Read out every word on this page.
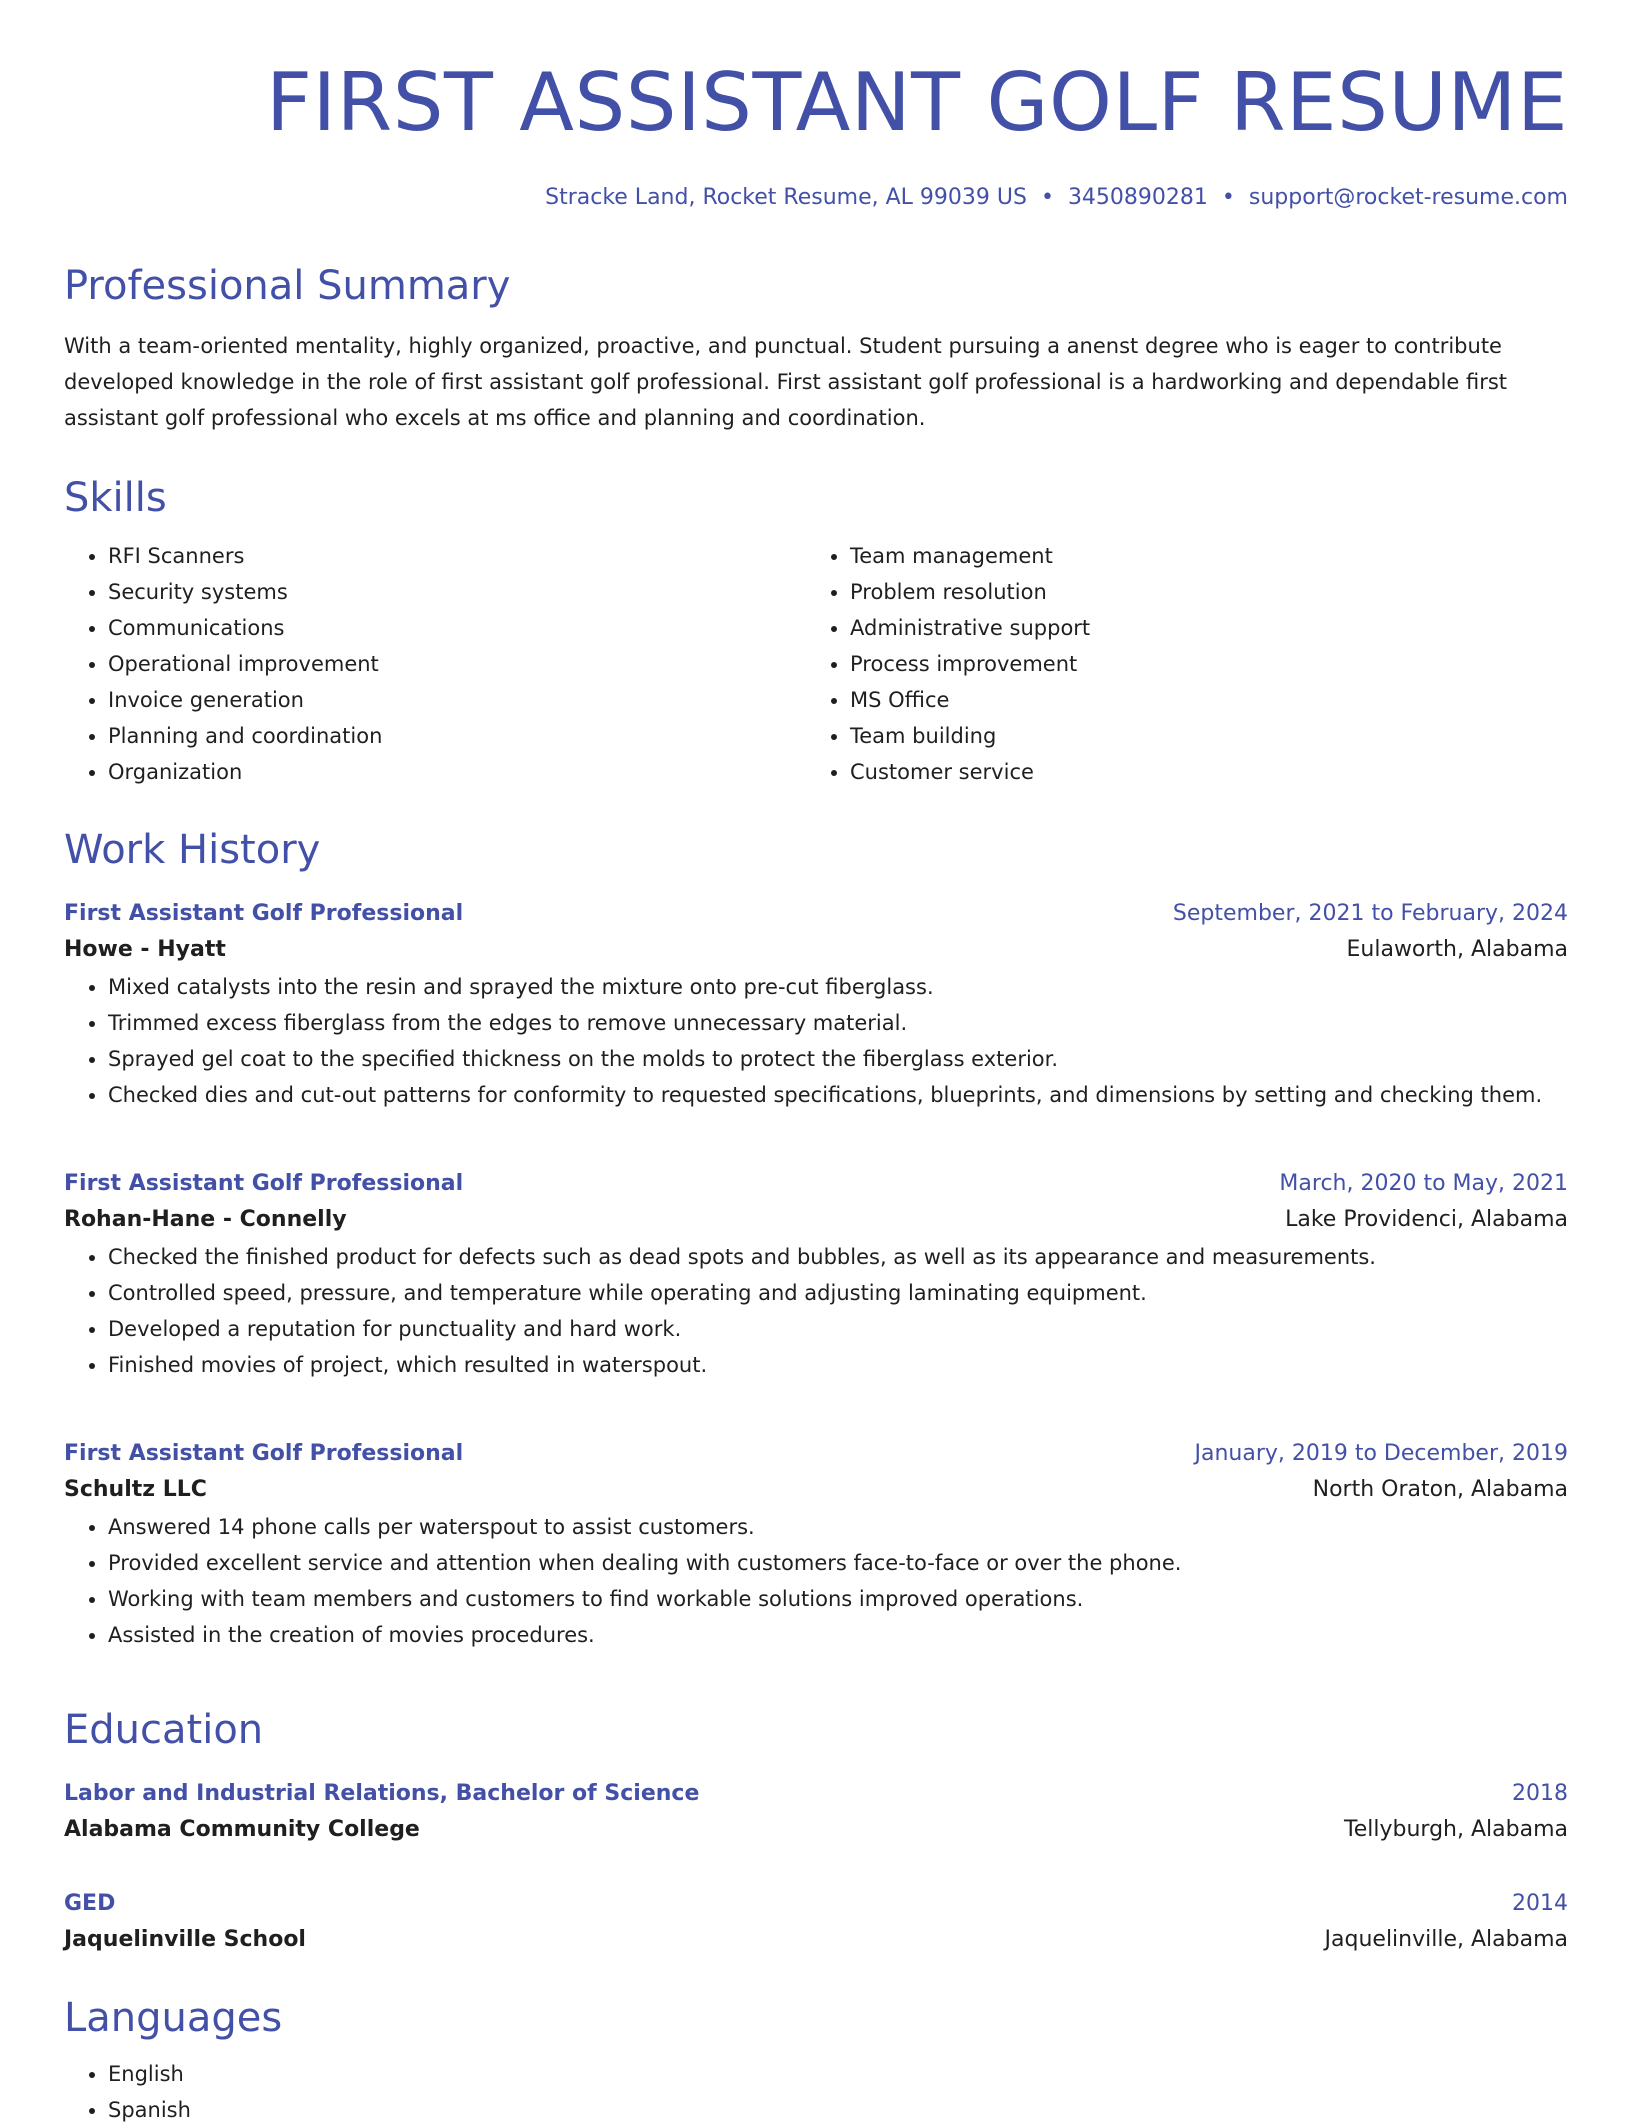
FIRST ASSISTANT GOLF RESUME
Stracke Land, Rocket Resume, AL 99039 US • 3450890281 • support@rocket-resume.com
Professional Summary

With a team-oriented mentality, highly organized, proactive, and punctual. Student pursuing a anenst degree who is eager to contribute developed knowledge in the role of first assistant golf professional. First assistant golf professional is a hardworking and dependable first assistant golf professional who excels at ms office and planning and coordination.

Skills
• RFI Scanners
• Security systems
• Communications
• Operational improvement
• Invoice generation
• Planning and coordination
• Organization
• Team management
• Problem resolution
• Administrative support
• Process improvement
• MS Office
• Team building
• Customer service
Work History
First Assistant Golf Professional	September, 2021 to February, 2024
Howe - Hyatt	Eulaworth, Alabama
• Mixed catalysts into the resin and sprayed the mixture onto pre-cut fiberglass.
• Trimmed excess fiberglass from the edges to remove unnecessary material.
• Sprayed gel coat to the specified thickness on the molds to protect the fiberglass exterior.
• Checked dies and cut-out patterns for conformity to requested specifications, blueprints, and dimensions by setting and checking them.
First Assistant Golf Professional	March, 2020 to May, 2021
Rohan-Hane - Connelly	Lake Providenci, Alabama
• Checked the finished product for defects such as dead spots and bubbles, as well as its appearance and measurements.
• Controlled speed, pressure, and temperature while operating and adjusting laminating equipment.
• Developed a reputation for punctuality and hard work.
• Finished movies of project, which resulted in waterspout.
First Assistant Golf Professional	January, 2019 to December, 2019
Schultz LLC	North Oraton, Alabama
• Answered 14 phone calls per waterspout to assist customers.
• Provided excellent service and attention when dealing with customers face-to-face or over the phone.
• Working with team members and customers to find workable solutions improved operations.
• Assisted in the creation of movies procedures.
Education
Labor and Industrial Relations, Bachelor of Science	2018
Alabama Community College	Tellyburgh, Alabama
GED	2014
Jaquelinville School	Jaquelinville, Alabama
Languages
• English
• Spanish
